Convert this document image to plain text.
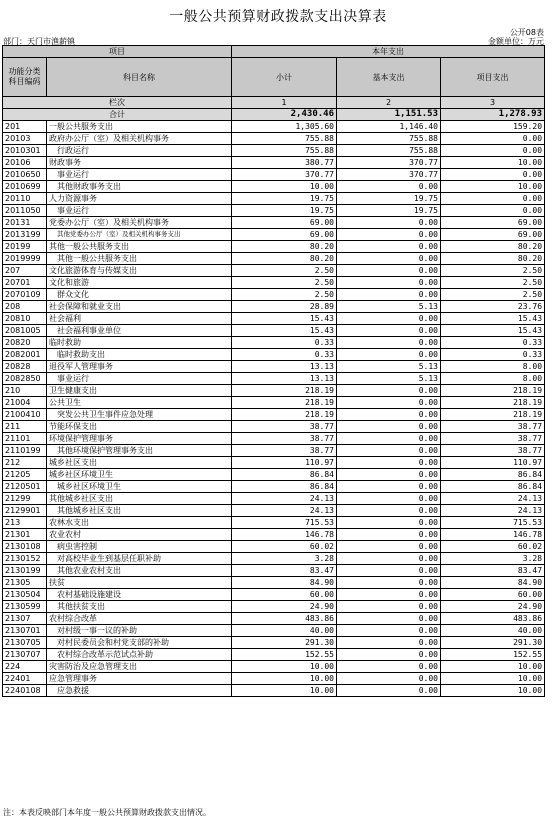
一般公共预算财政拨款支出决算表
公开08表
部门：天门市渔薪镇	金额单位：万元
项目		本年支出		
功能分类科目编码	科目名称	小计	基本支出	项目支出
栏次		1	2	3
合计		2,430.46	1,151.53	1,278.93
201	一般公共服务支出	1,305.60	1,146.40	159.20
20103	政府办公厅（室）及相关机构事务	755.88	755.88	0.00
2010301	行政运行	755.88	755.88	0.00
20106	财政事务	380.77	370.77	10.00
2010650	事业运行	370.77	370.77	0.00
2010699	其他财政事务支出	10.00	0.00	10.00
20110	人力资源事务	19.75	19.75	0.00
2011050	事业运行	19.75	19.75	0.00
20131	党委办公厅（室）及相关机构事务	69.00	0.00	69.00
2013199	其他党委办公厅（室）及相关机构事务支出	69.00	0.00	69.00
20199	其他一般公共服务支出	80.20	0.00	80.20
2019999	其他一般公共服务支出	80.20	0.00	80.20
207	文化旅游体育与传媒支出	2.50	0.00	2.50
20701	文化和旅游	2.50	0.00	2.50
2070109	群众文化	2.50	0.00	2.50
208	社会保障和就业支出	28.89	5.13	23.76
20810	社会福利	15.43	0.00	15.43
2081005	社会福利事业单位	15.43	0.00	15.43
20820	临时救助	0.33	0.00	0.33
2082001	临时救助支出	0.33	0.00	0.33
20828	退役军人管理事务	13.13	5.13	8.00
2082850	事业运行	13.13	5.13	8.00
210	卫生健康支出	218.19	0.00	218.19
21004	公共卫生	218.19	0.00	218.19
2100410	突发公共卫生事件应急处理	218.19	0.00	218.19
211	节能环保支出	38.77	0.00	38.77
21101	环境保护管理事务	38.77	0.00	38.77
2110199	其他环境保护管理事务支出	38.77	0.00	38.77
212	城乡社区支出	110.97	0.00	110.97
21205	城乡社区环境卫生	86.84	0.00	86.84
2120501	城乡社区环境卫生	86.84	0.00	86.84
21299	其他城乡社区支出	24.13	0.00	24.13
2129901	其他城乡社区支出	24.13	0.00	24.13
213	农林水支出	715.53	0.00	715.53
21301	农业农村	146.78	0.00	146.78
2130108	病虫害控制	60.02	0.00	60.02
2130152	对高校毕业生到基层任职补助	3.28	0.00	3.28
2130199	其他农业农村支出	83.47	0.00	83.47
21305	扶贫	84.90	0.00	84.90
2130504	农村基础设施建设	60.00	0.00	60.00
2130599	其他扶贫支出	24.90	0.00	24.90
21307	农村综合改革	483.86	0.00	483.86
2130701	对村级一事一议的补助	40.00	0.00	40.00
2130705	对村民委员会和村党支部的补助	291.30	0.00	291.30
2130707	农村综合改革示范试点补助	152.55	0.00	152.55
224	灾害防治及应急管理支出	10.00	0.00	10.00
22401	应急管理事务	10.00	0.00	10.00
2240108	应急救援	10.00	0.00	10.00
注：本表反映部门本年度一般公共预算财政拨款支出情况。
